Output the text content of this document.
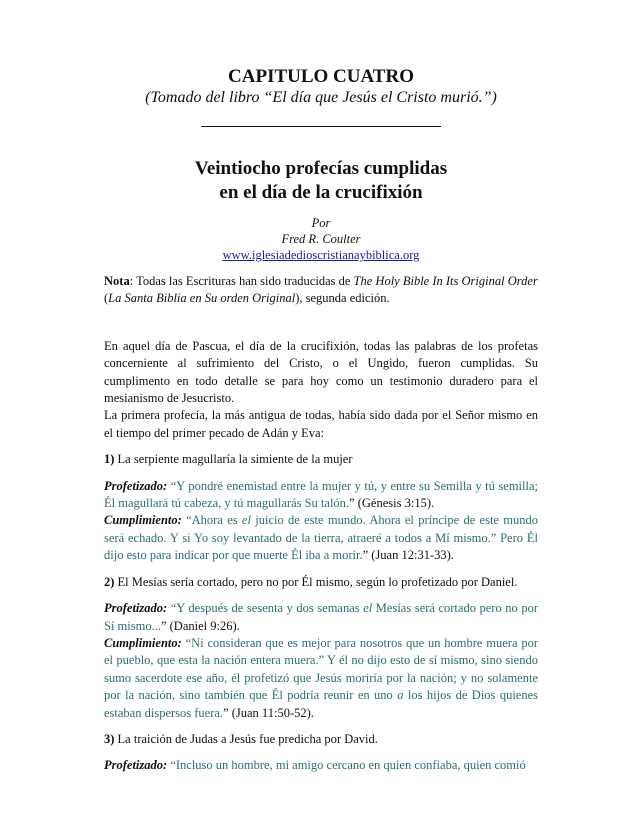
CAPITULO CUATRO

(Tomado del libro “El día que Jesús el Cristo murió.”)

Veintiocho profecías cumplidas

en el día de la crucifixión

Por

Fred R. Coulter

www.iglesiadedioscristianaybiblica.org

Nota: Todas las Escrituras han sido traducidas de The Holy Bible In Its Original Order (La Santa Biblia en Su orden Original), segunda edición.

En aquel día de Pascua, el día de la crucifixión, todas las palabras de los profetas concerniente al sufrimiento del Cristo, o el Ungido, fueron cumplidas. Su cumplimento en todo detalle se para hoy como un testimonio duradero para el mesianismo de Jesucristo.

La primera profecía, la más antigua de todas, había sido dada por el Señor mismo en el tiempo del primer pecado de Adán y Eva:

1) La serpiente magullaría la simiente de la mujer

Profetizado: “Y pondré enemistad entre la mujer y tú, y entre su Semilla y tú semilla; Él magullará tú cabeza, y tú magullarás Su talón.” (Génesis 3:15).

Cumplimiento: “Ahora es el juicio de este mundo. Ahora el príncipe de este mundo será echado. Y si Yo soy levantado de la tierra, atraeré a todos a Mí mismo.” Pero Él dijo esto para indicar por que muerte Él iba a morir.” (Juan 12:31-33).

2) El Mesías sería cortado, pero no por Él mismo, según lo profetizado por Daniel.

Profetizado: “Y después de sesenta y dos semanas el Mesías será cortado pero no por Sí mismo...” (Daniel 9:26).

Cumplimiento: “Ni consideran que es mejor para nosotros que un hombre muera por el pueblo, que esta la nación entera muera.” Y él no dijo esto de sí mismo, sino siendo sumo sacerdote ese año, él profetizó que Jesús moriría por la nación; y no solamente por la nación, sino también que Él podría reunir en uno a los hijos de Dios quienes estaban dispersos fuera.” (Juan 11:50-52).

3) La traición de Judas a Jesús fue predicha por David.

Profetizado: “Incluso un hombre, mi amigo cercano en quien confiaba, quien comió
